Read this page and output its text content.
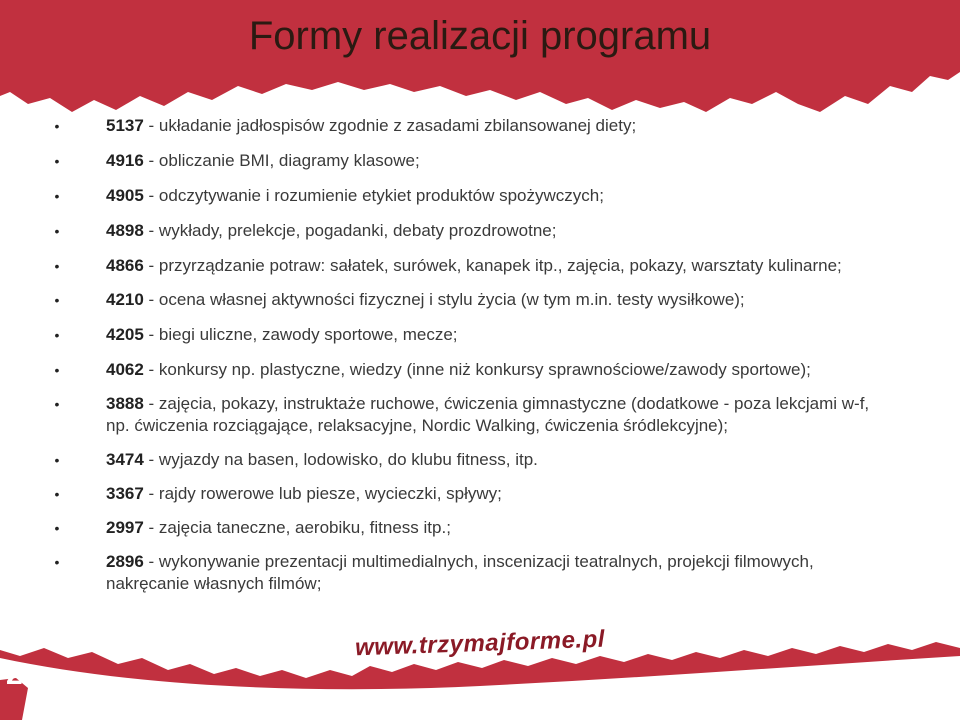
Formy realizacji programu
•	5137 - układanie jadłospisów zgodnie z zasadami zbilansowanej diety;
•	4916 - obliczanie BMI, diagramy klasowe;
•	4905 - odczytywanie i rozumienie etykiet produktów spożywczych;
•	4898 - wykłady, prelekcje, pogadanki, debaty prozdrowotne;
•	4866 - przyrządzanie potraw: sałatek, surówek, kanapek itp., zajęcia, pokazy, warsztaty kulinarne;
•	4210 - ocena własnej aktywności fizycznej i stylu życia (w tym m.in. testy wysiłkowe);
•	4205 - biegi uliczne, zawody sportowe, mecze;
•	4062 - konkursy np. plastyczne, wiedzy (inne niż konkursy sprawnościowe/zawody sportowe);
•	3888 - zajęcia, pokazy, instruktaże ruchowe, ćwiczenia gimnastyczne (dodatkowe - poza lekcjami w-f, np. ćwiczenia rozciągające, relaksacyjne, Nordic Walking, ćwiczenia śródlekcyjne);
•	3474 - wyjazdy na basen, lodowisko, do klubu fitness, itp.
•	3367 - rajdy rowerowe lub piesze, wycieczki, spływy;
•	2997 - zajęcia taneczne, aerobiku, fitness itp.;
•	2896 - wykonywanie prezentacji multimedialnych, inscenizacji teatralnych, projekcji filmowych, nakręcanie własnych filmów;
www.trzymajforme.pl
2
